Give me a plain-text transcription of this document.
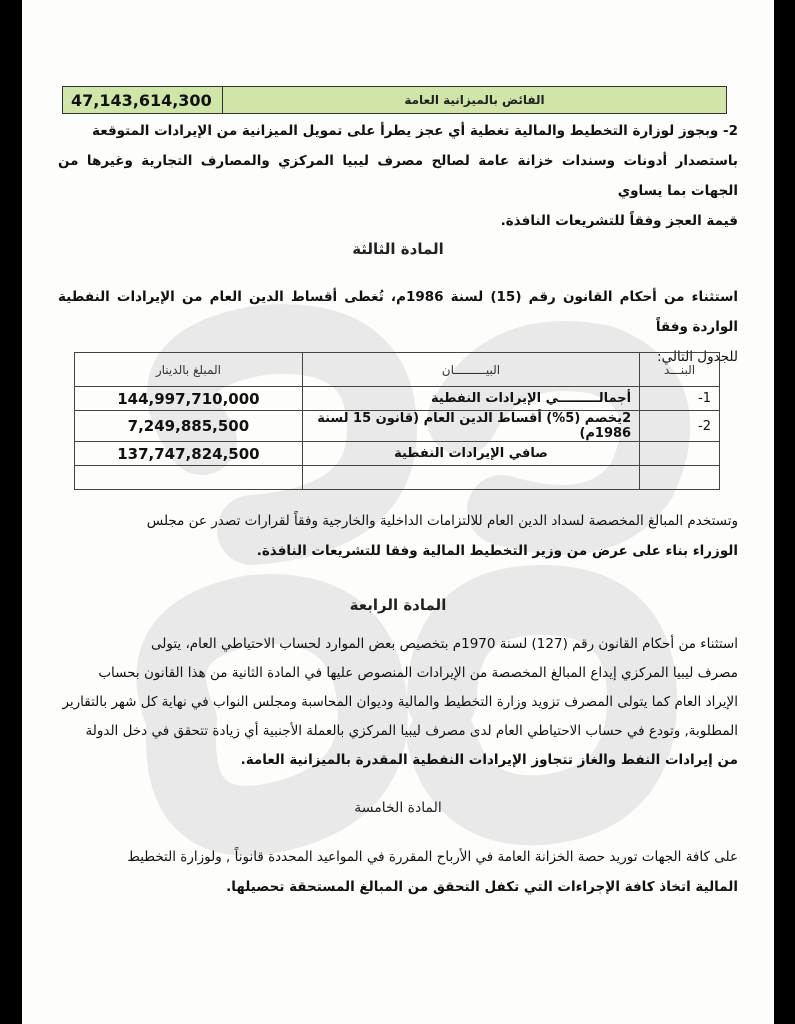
47,143,614,300	الفائض بالميزانية العامة
2- وبجوز لوزارة التخطيط والمالية تغطية أي عجز يطرأ على تمويل الميزانية من الإيرادات المتوقعة
باستصدار أدونات وسندات خزانة عامة لصالح مصرف ليبيا المركزي والمصارف التجارية وغيرها من الجهات بما يساوي
قيمة العجز وفقاً للتشريعات النافذة.
المادة الثالثة
استثناء من أحكام القانون رقم (15) لسنة 1986م، تُغطى أقساط الدين العام من الإيرادات النفطية الواردة وفقاً
للجدول التالي:
البنـــد	البيـــــــــان	المبلغ بالدينار
1-	أجمالـــــــــي الإيرادات النفطية	144,997,710,000
2-	2يخصم (5%) أقساط الدين العام (قانون 15 لسنة 1986م)	7,249,885,500
	صافي الإيرادات النفطية	137,747,824,500

وتستخدم المبالغ المخصصة لسداد الدين العام للالتزامات الداخلية والخارجية وفقاً لقرارات تصدر عن مجلس
الوزراء بناء على عرض من وزير التخطيط المالية وفقا للتشريعات النافذة.
المادة الرابعة
استثناء من أحكام القانون رقم (127) لسنة 1970م بتخصيص بعض الموارد لحساب الاحتياطي العام، يتولى
مصرف ليبيا المركزي إيداع المبالغ المخصصة من الإيرادات المنصوص عليها في المادة الثانية من هذا القانون بحساب
الإيراد العام كما يتولى المصرف تزويد وزارة التخطيط والمالية وديوان المحاسبة ومجلس النواب في نهاية كل شهر بالتقارير
المطلوبة, وتودع في حساب الاحتياطي العام لدى مصرف ليبيا المركزي بالعملة الأجنبية أي زيادة تتحقق في دخل الدولة
من إيرادات النفط والغاز تتجاوز الإيرادات النفطية المقدرة بالميزانية العامة.
المادة الخامسة
على كافة الجهات توريد حصة الخزانة العامة في الأرباح المقررة في المواعيد المحددة قانوناً , ولوزارة التخطيط
المالية اتخاذ كافة الإجراءات التي تكفل التحقق من المبالغ المستحقة تحصيلها.
